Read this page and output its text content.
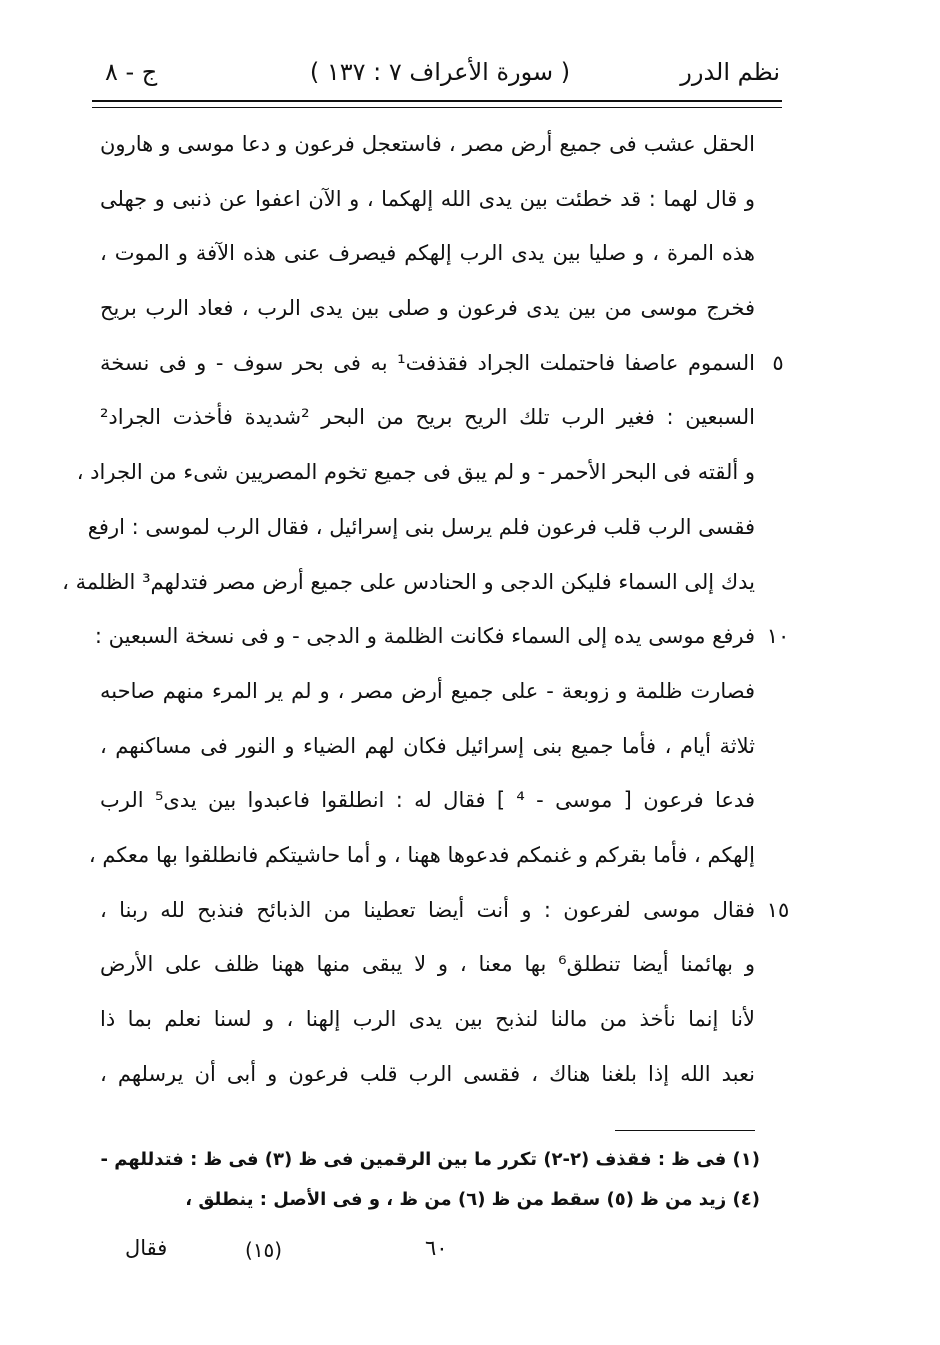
نظم الدرر
( سورة الأعراف ٧ : ١٣٧ )
ج - ٨
الحقل عشب فى جميع أرض مصر ، فاستعجل فرعون و دعا موسى و هارون
و قال لهما : قد خطئت بين يدى الله إلهكما ، و الآن اعفوا عن ذنبى و جهلى
هذه المرة ، و صليا بين يدى الرب إلهكم فيصرف عنى هذه الآفة و الموت ،
فخرج موسى من بين يدى فرعون و صلى بين يدى الرب ، فعاد الرب بريح
السموم عاصفا فاحتملت الجراد فقذفت¹ به فى بحر سوف - و فى نسخة
السبعين : فغير الرب تلك الريح بريح من البحر ²شديدة فأخذت الجراد²
و ألقته فى البحر الأحمر - و لم يبق فى جميع تخوم المصريين شىء من الجراد ،
فقسى الرب قلب فرعون فلم يرسل بنى إسرائيل ، فقال الرب لموسى : ارفع
يدك إلى السماء فليكن الدجى و الحنادس على جميع أرض مصر فتدلهم³ الظلمة ،
فرفع موسى يده إلى السماء فكانت الظلمة و الدجى - و فى نسخة السبعين :
فصارت ظلمة و زوبعة - على جميع أرض مصر ، و لم ير المرء منهم صاحبه
ثلاثة أيام ، فأما جميع بنى إسرائيل فكان لهم الضياء و النور فى مساكنهم ،
فدعا فرعون [ موسى - ⁴ ] فقال له : انطلقوا فاعبدوا بين يدى⁵ الرب
إلهكم ، فأما بقركم و غنمكم فدعوها ههنا ، و أما حاشيتكم فانطلقوا بها معكم ،
فقال موسى لفرعون : و أنت أيضا تعطينا من الذبائح فنذبح لله ربنا ،
و بهائمنا أيضا تنطلق⁶ بها معنا ، و لا يبقى منها ههنا ظلف على الأرض
لأنا إنما نأخذ من مالنا لنذبح بين يدى الرب إلهنا ، و لسنا نعلم بما ذا
نعبد الله إذا بلغنا هناك ، فقسى الرب قلب فرعون و أبى أن يرسلهم ،
٥
١٠
١٥
(١) فى ظ : فقذف (٢-٢) تكرر ما بين الرقمين فى ظ (٣) فى ظ : فتدللهم -
(٤) زيد من ظ (٥) سقط من ظ (٦) من ظ ، و فى الأصل : ينطلق ،
فقال	(١٥)	٦٠
